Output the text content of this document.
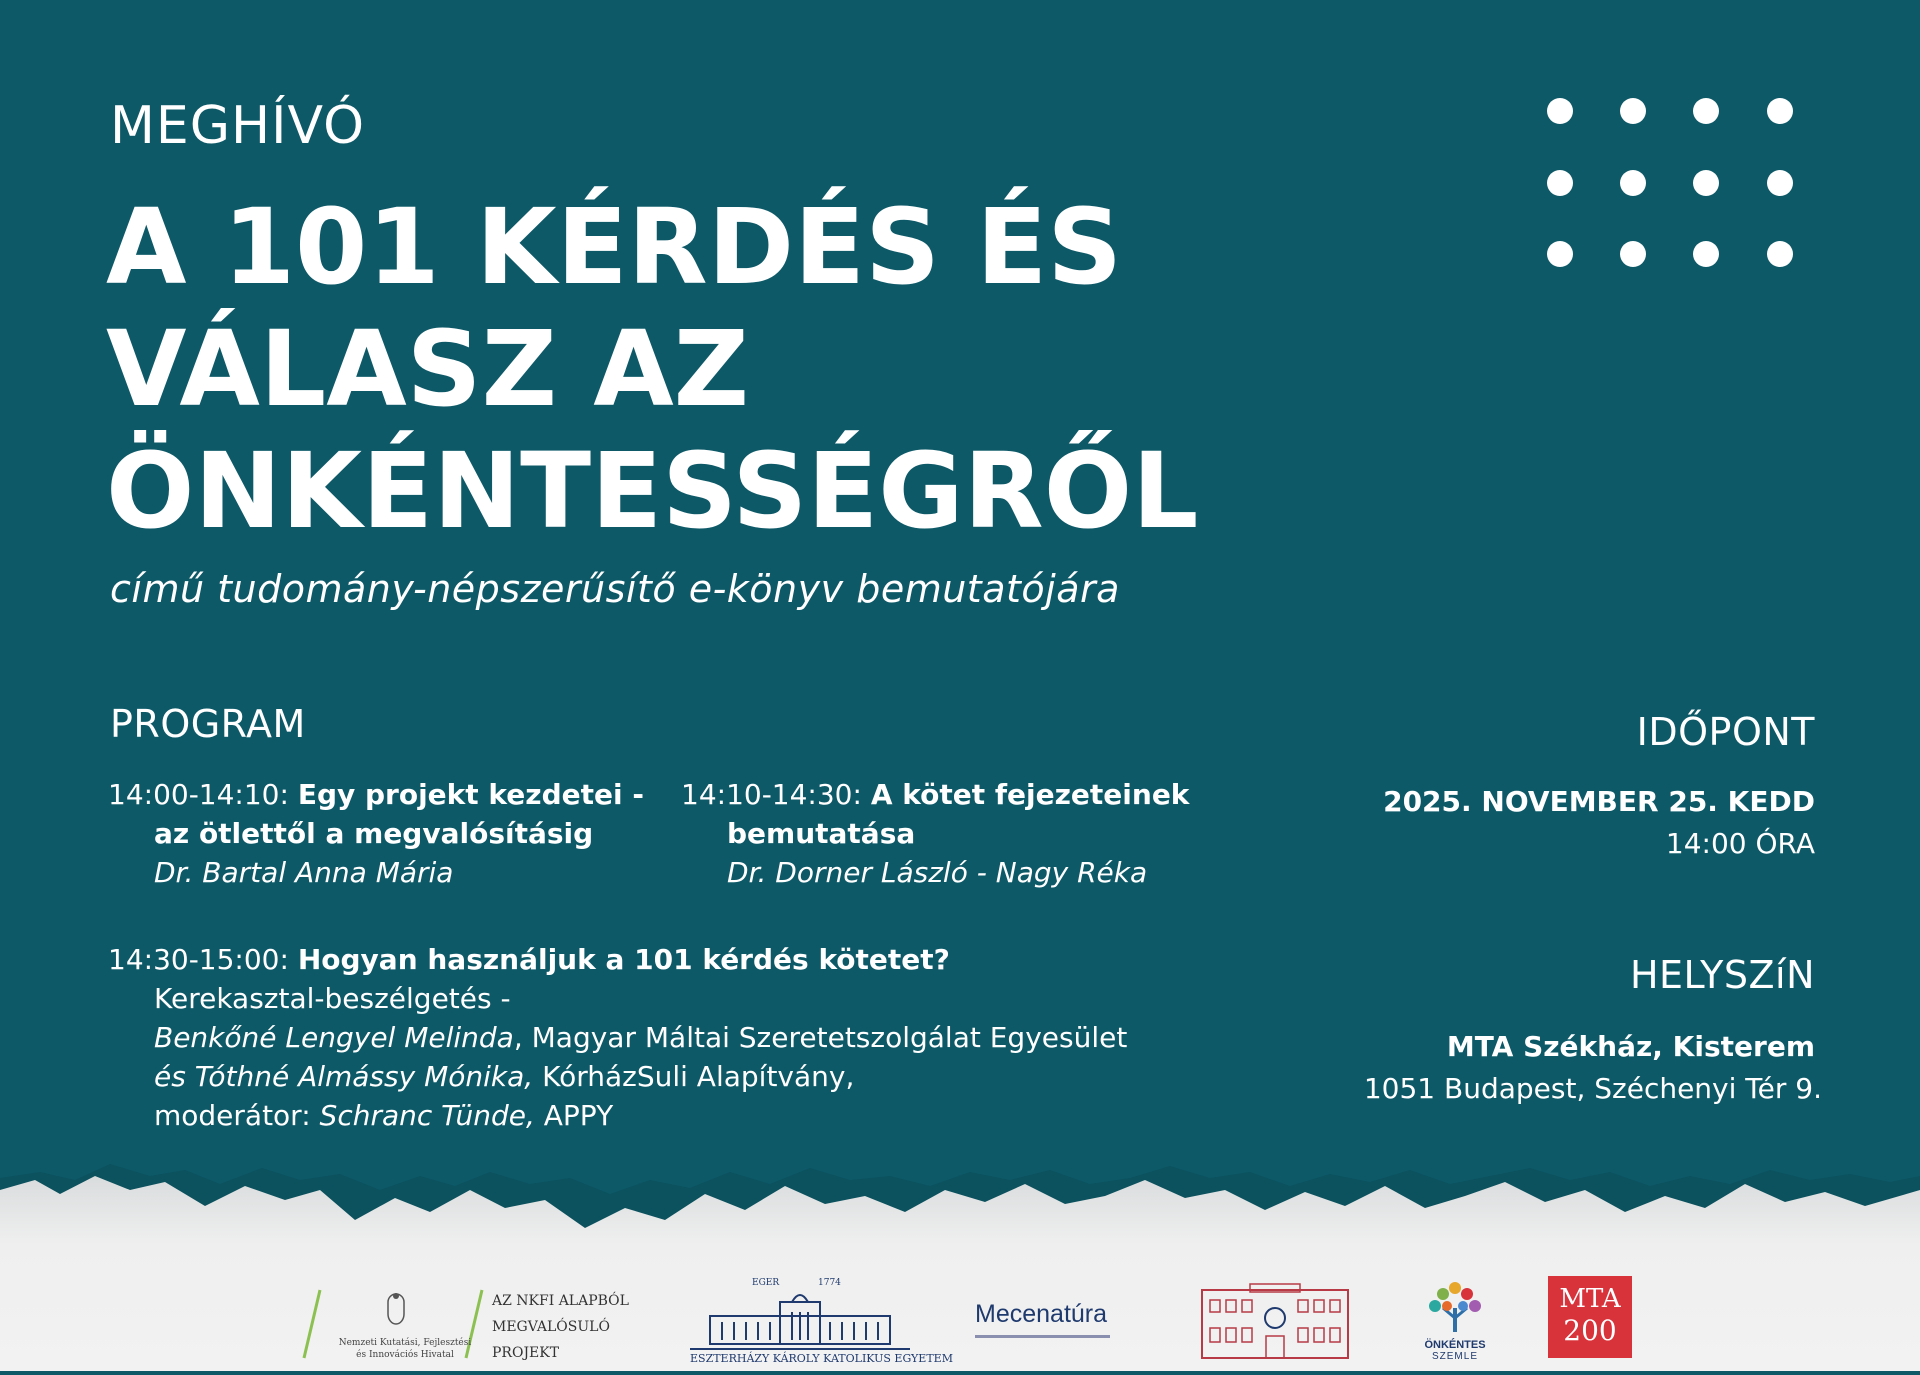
MEGHÍVÓ
A 101 KÉRDÉS ÉS
VÁLASZ AZ
ÖNKÉNTESSÉGRŐL
című tudomány-népszerűsítő e-könyv bemutatójára
PROGRAM
14:00-14:10: Egy projekt kezdetei -
az ötlettől a megvalósításig
Dr. Bartal Anna Mária
14:10-14:30: A kötet fejezeteinek
bemutatása
Dr. Dorner László - Nagy Réka
14:30-15:00: Hogyan használjuk a 101 kérdés kötetet?
Kerekasztal-beszélgetés -
Benkőné Lengyel Melinda, Magyar Máltai Szeretetszolgálat Egyesület
és Tóthné Almássy Mónika, KórházSuli Alapítvány,
moderátor: Schranc Tünde, APPY
IDŐPONT
2025. NOVEMBER 25. KEDD
14:00 ÓRA
HELYSZíN
MTA Székház, Kisterem
1051 Budapest, Széchenyi Tér 9.
Nemzeti Kutatási, Fejlesztési
és Innovációs Hivatal
AZ NKFI ALAPBÓL
MEGVALÓSULÓ
PROJEKT
EGER	1774
ESZTERHÁZY KÁROLY KATOLIKUS EGYETEM
Mecenatúra
ÖNKÉNTES
SZEMLE
MTA
200
